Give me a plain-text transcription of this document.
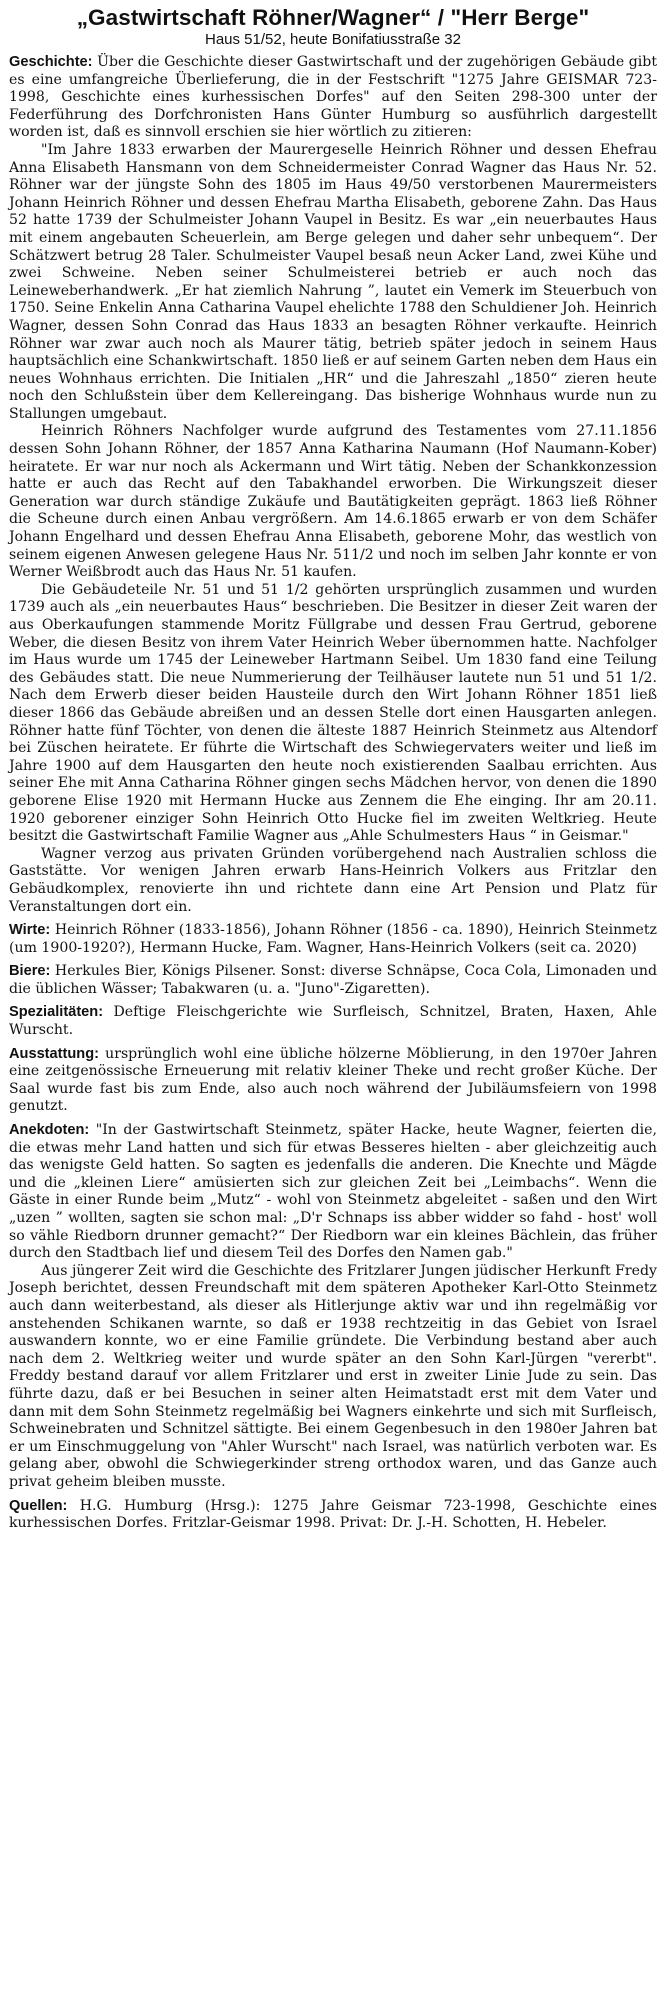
„Gastwirtschaft Röhner/Wagner“ / "Herr Berge"
Haus 51/52, heute Bonifatiusstraße 32

Geschichte: Über die Geschichte dieser Gastwirtschaft und der zugehörigen Gebäude gibt es eine umfangreiche Überlieferung, die in der Festschrift "1275 Jahre GEISMAR 723-1998, Geschichte eines kurhessischen Dorfes" auf den Seiten 298-300 unter der Federführung des Dorfchronisten Hans Günter Humburg so ausführlich dargestellt worden ist, daß es sinnvoll erschien sie hier wörtlich zu zitieren:

"Im Jahre 1833 erwarben der Maurergeselle Heinrich Röhner und dessen Ehefrau Anna Elisabeth Hansmann von dem Schneidermeister Conrad Wagner das Haus Nr. 52. Röhner war der jüngste Sohn des 1805 im Haus 49/50 verstorbenen Maurermeisters Johann Heinrich Röhner und dessen Ehefrau Martha Elisabeth, geborene Zahn. Das Haus 52 hatte 1739 der Schulmeister Johann Vaupel in Besitz. Es war „ein neuerbautes Haus mit einem angebauten Scheuerlein, am Berge gelegen und daher sehr unbequem“. Der Schätzwert betrug 28 Taler. Schulmeister Vaupel besaß neun Acker Land, zwei Kühe und zwei Schweine. Neben seiner Schulmeisterei betrieb er auch noch das Leineweberhandwerk. „Er hat ziemlich Nahrung ”, lautet ein Vemerk im Steuerbuch von 1750. Seine Enkelin Anna Catharina Vaupel ehelichte 1788 den Schuldiener Joh. Heinrich Wagner, dessen Sohn Conrad das Haus 1833 an besagten Röhner verkaufte. Heinrich Röhner war zwar auch noch als Maurer tätig, betrieb später jedoch in seinem Haus hauptsächlich eine Schankwirtschaft. 1850 ließ er auf seinem Garten neben dem Haus ein neues Wohnhaus errichten. Die Initialen „HR“ und die Jahreszahl „1850“ zieren heute noch den Schlußstein über dem Kellereingang. Das bisherige Wohnhaus wurde nun zu Stallungen umgebaut.

Heinrich Röhners Nachfolger wurde aufgrund des Testamentes vom 27.11.1856 dessen Sohn Johann Röhner, der 1857 Anna Katharina Naumann (Hof Naumann-Kober) heiratete. Er war nur noch als Ackermann und Wirt tätig. Neben der Schankkonzession hatte er auch das Recht auf den Tabakhandel erworben. Die Wirkungszeit dieser Generation war durch ständige Zukäufe und Bautätigkeiten geprägt. 1863 ließ Röhner die Scheune durch einen Anbau vergrößern. Am 14.6.1865 erwarb er von dem Schäfer Johann Engelhard und dessen Ehefrau Anna Elisabeth, geborene Mohr, das westlich von seinem eigenen Anwesen gelegene Haus Nr. 511/2 und noch im selben Jahr konnte er von Werner Weißbrodt auch das Haus Nr. 51 kaufen.

Die Gebäudeteile Nr. 51 und 51 1/2 gehörten ursprünglich zusammen und wurden 1739 auch als „ein neuerbautes Haus“ beschrieben. Die Besitzer in dieser Zeit waren der aus Oberkaufungen stammende Moritz Füllgrabe und dessen Frau Gertrud, geborene Weber, die diesen Besitz von ihrem Vater Heinrich Weber übernommen hatte. Nachfolger im Haus wurde um 1745 der Leineweber Hartmann Seibel. Um 1830 fand eine Teilung des Gebäudes statt. Die neue Nummerierung der Teilhäuser lautete nun 51 und 51 1/2. Nach dem Erwerb dieser beiden Hausteile durch den Wirt Johann Röhner 1851 ließ dieser 1866 das Gebäude abreißen und an dessen Stelle dort einen Hausgarten anlegen. Röhner hatte fünf Töchter, von denen die älteste 1887 Heinrich Steinmetz aus Altendorf bei Züschen heiratete. Er führte die Wirtschaft des Schwiegervaters weiter und ließ im Jahre 1900 auf dem Hausgarten den heute noch existierenden Saalbau errichten. Aus seiner Ehe mit Anna Catharina Röhner gingen sechs Mädchen hervor, von denen die 1890 geborene Elise 1920 mit Hermann Hucke aus Zennem die Ehe einging. Ihr am 20.11. 1920 geborener einziger Sohn Heinrich Otto Hucke fiel im zweiten Weltkrieg. Heute besitzt die Gastwirtschaft Familie Wagner aus „Ahle Schulmesters Haus “ in Geismar."

Wagner verzog aus privaten Gründen vorübergehend nach Australien schloss die Gaststätte. Vor wenigen Jahren erwarb Hans-Heinrich Volkers aus Fritzlar den Gebäudkomplex, renovierte ihn und richtete dann eine Art Pension und Platz für Veranstaltungen dort ein.

Wirte: Heinrich Röhner (1833-1856), Johann Röhner (1856 - ca. 1890), Heinrich Steinmetz (um 1900-1920?), Hermann Hucke, Fam. Wagner, Hans-Heinrich Volkers (seit ca. 2020)

Biere: Herkules Bier, Königs Pilsener. Sonst: diverse Schnäpse, Coca Cola, Limonaden und die üblichen Wässer; Tabakwaren (u. a. "Juno"-Zigaretten).

Spezialitäten: Deftige Fleischgerichte wie Surfleisch, Schnitzel, Braten, Haxen, Ahle Wurscht.

Ausstattung: ursprünglich wohl eine übliche hölzerne Möblierung, in den 1970er Jahren eine zeitgenössische Erneuerung mit relativ kleiner Theke und recht großer Küche. Der Saal wurde fast bis zum Ende, also auch noch während der Jubiläumsfeiern von 1998 genutzt.

Anekdoten: "In der Gastwirtschaft Steinmetz, später Hacke, heute Wagner, feierten die, die etwas mehr Land hatten und sich für etwas Besseres hielten - aber gleichzeitig auch das wenigste Geld hatten. So sagten es jedenfalls die anderen. Die Knechte und Mägde und die „kleinen Liere“ amüsierten sich zur gleichen Zeit bei „Leimbachs“. Wenn die Gäste in einer Runde beim „Mutz“ - wohl von Steinmetz abgeleitet - saßen und den Wirt „uzen ” wollten, sagten sie schon mal: „D'r Schnaps iss abber widder so fahd - host' woll so vähle Riedborn drunner gemacht?“ Der Riedborn war ein kleines Bächlein, das früher durch den Stadtbach lief und diesem Teil des Dorfes den Namen gab."

Aus jüngerer Zeit wird die Geschichte des Fritzlarer Jungen jüdischer Herkunft Fredy Joseph berichtet, dessen Freundschaft mit dem späteren Apotheker Karl-Otto Steinmetz auch dann weiterbestand, als dieser als Hitlerjunge aktiv war und ihn regelmäßig vor anstehenden Schikanen warnte, so daß er 1938 rechtzeitig in das Gebiet von Israel auswandern konnte, wo er eine Familie gründete. Die Verbindung bestand aber auch nach dem 2. Weltkrieg weiter und wurde später an den Sohn Karl-Jürgen "vererbt". Freddy bestand darauf vor allem Fritzlarer und erst in zweiter Linie Jude zu sein. Das führte dazu, daß er bei Besuchen in seiner alten Heimatstadt erst mit dem Vater und dann mit dem Sohn Steinmetz regelmäßig bei Wagners einkehrte und sich mit Surfleisch, Schweinebraten und Schnitzel sättigte. Bei einem Gegenbesuch in den 1980er Jahren bat er um Einschmuggelung von "Ahler Wurscht" nach Israel, was natürlich verboten war. Es gelang aber, obwohl die Schwiegerkinder streng orthodox waren, und das Ganze auch privat geheim bleiben musste.

Quellen: H.G. Humburg (Hrsg.): 1275 Jahre Geismar 723-1998, Geschichte eines kurhessischen Dorfes. Fritzlar-Geismar 1998. Privat: Dr. J.-H. Schotten, H. Hebeler.
